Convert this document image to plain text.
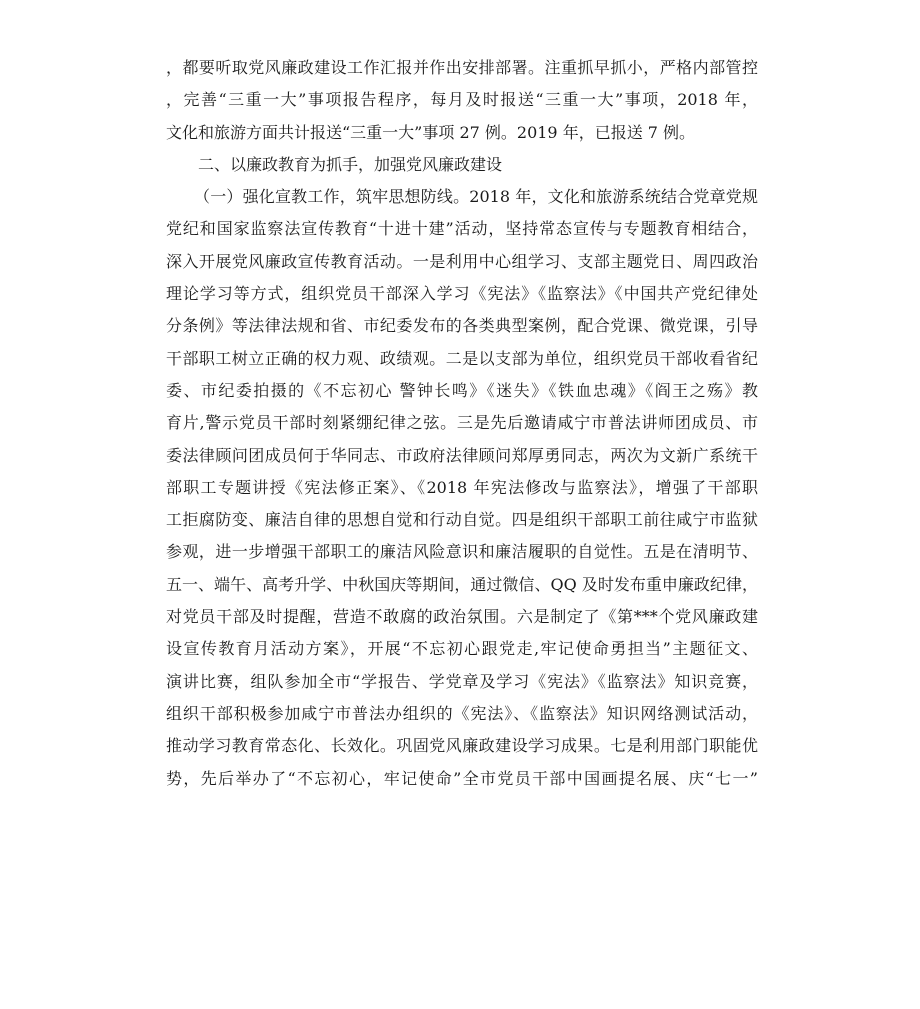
，都要听取党风廉政建设工作汇报并作出安排部署。注重抓早抓小，严格内部管控
，完善“三重一大”事项报告程序，每月及时报送“三重一大”事项，2018 年，
文化和旅游方面共计报送“三重一大”事项 27 例。2019 年，已报送 7 例。
二、以廉政教育为抓手，加强党风廉政建设
（一）强化宣教工作，筑牢思想防线。2018 年，文化和旅游系统结合党章党规
党纪和国家监察法宣传教育“十进十建”活动，坚持常态宣传与专题教育相结合，
深入开展党风廉政宣传教育活动。一是利用中心组学习、支部主题党日、周四政治
理论学习等方式，组织党员干部深入学习《宪法》《监察法》《中国共产党纪律处
分条例》等法律法规和省、市纪委发布的各类典型案例，配合党课、微党课，引导
干部职工树立正确的权力观、政绩观。二是以支部为单位，组织党员干部收看省纪
委、市纪委拍摄的《不忘初心 警钟长鸣》《迷失》《铁血忠魂》《阎王之殇》教
育片,警示党员干部时刻紧绷纪律之弦。三是先后邀请咸宁市普法讲师团成员、市
委法律顾问团成员何于华同志、市政府法律顾问郑厚勇同志，两次为文新广系统干
部职工专题讲授《宪法修正案》、《2018 年宪法修改与监察法》，增强了干部职
工拒腐防变、廉洁自律的思想自觉和行动自觉。四是组织干部职工前往咸宁市监狱
参观，进一步增强干部职工的廉洁风险意识和廉洁履职的自觉性。五是在清明节、
五一、端午、高考升学、中秋国庆等期间，通过微信、QQ 及时发布重申廉政纪律，
对党员干部及时提醒，营造不敢腐的政治氛围。六是制定了《第***个党风廉政建
设宣传教育月活动方案》，开展“不忘初心跟党走,牢记使命勇担当”主题征文、
演讲比赛，组队参加全市“学报告、学党章及学习《宪法》《监察法》知识竞赛，
组织干部积极参加咸宁市普法办组织的《宪法》、《监察法》知识网络测试活动，
推动学习教育常态化、长效化。巩固党风廉政建设学习成果。七是利用部门职能优
势，先后举办了“不忘初心，牢记使命”全市党员干部中国画提名展、庆“七一”
